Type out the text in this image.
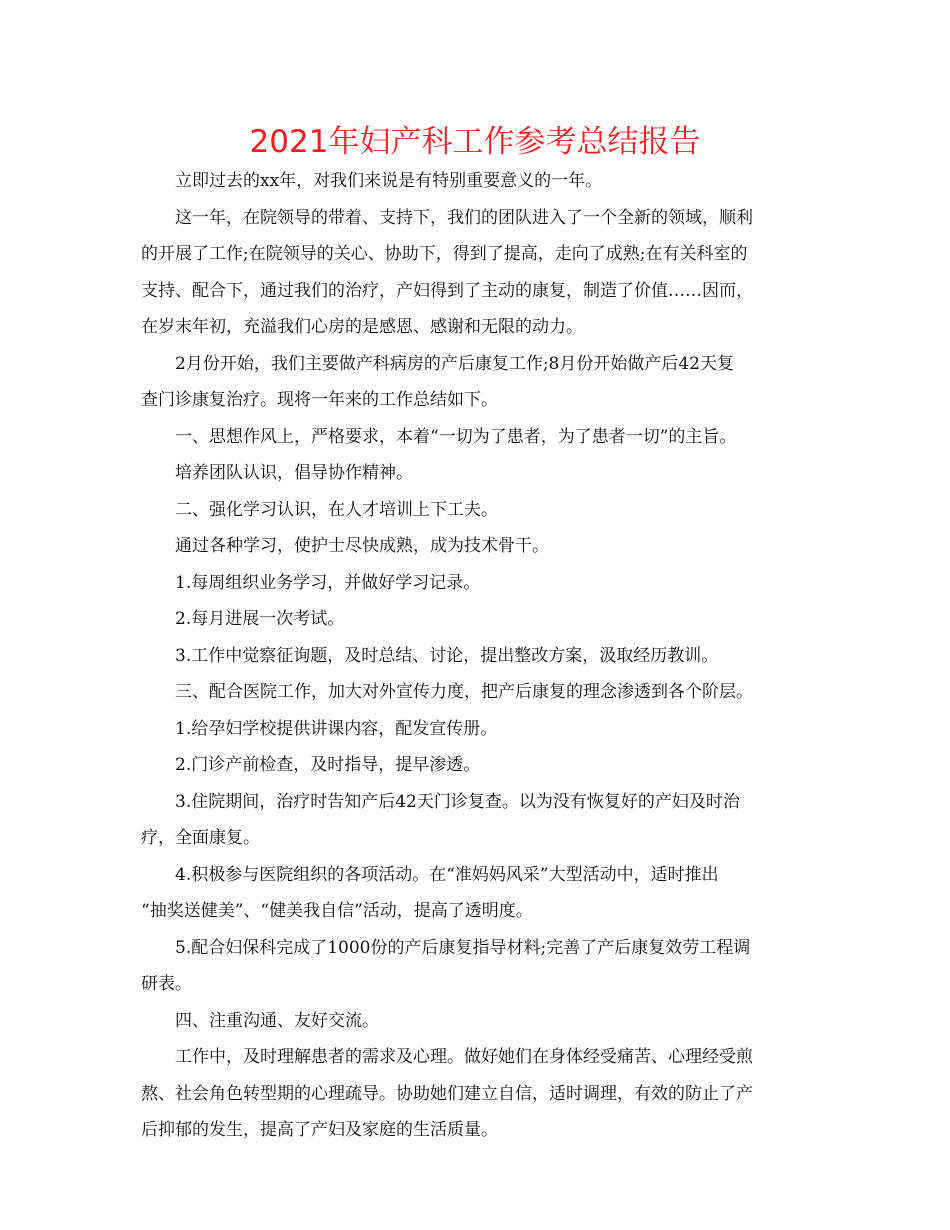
2021年妇产科工作参考总结报告
立即过去的xx年，对我们来说是有特别重要意义的一年。
这一年，在院领导的带着、支持下，我们的团队进入了一个全新的领域，顺利
的开展了工作;在院领导的关心、协助下，得到了提高，走向了成熟;在有关科室的
支持、配合下，通过我们的治疗，产妇得到了主动的康复，制造了价值……因而，
在岁末年初，充溢我们心房的是感恩、感谢和无限的动力。
2月份开始，我们主要做产科病房的产后康复工作;8月份开始做产后42天复
查门诊康复治疗。现将一年来的工作总结如下。
一、思想作风上，严格要求，本着“一切为了患者，为了患者一切”的主旨。
培养团队认识，倡导协作精神。
二、强化学习认识，在人才培训上下工夫。
通过各种学习，使护士尽快成熟，成为技术骨干。
1.每周组织业务学习，并做好学习记录。
2.每月进展一次考试。
3.工作中觉察征询题，及时总结、讨论，提出整改方案，汲取经历教训。
三、配合医院工作，加大对外宣传力度，把产后康复的理念渗透到各个阶层。
1.给孕妇学校提供讲课内容，配发宣传册。
2.门诊产前检查，及时指导，提早渗透。
3.住院期间，治疗时告知产后42天门诊复查。以为没有恢复好的产妇及时治
疗，全面康复。
4.积极参与医院组织的各项活动。在“准妈妈风采”大型活动中，适时推出
“抽奖送健美”、“健美我自信”活动，提高了透明度。
5.配合妇保科完成了1000份的产后康复指导材料;完善了产后康复效劳工程调
研表。
四、注重沟通、友好交流。
工作中，及时理解患者的需求及心理。做好她们在身体经受痛苦、心理经受煎
熬、社会角色转型期的心理疏导。协助她们建立自信，适时调理，有效的防止了产
后抑郁的发生，提高了产妇及家庭的生活质量。
